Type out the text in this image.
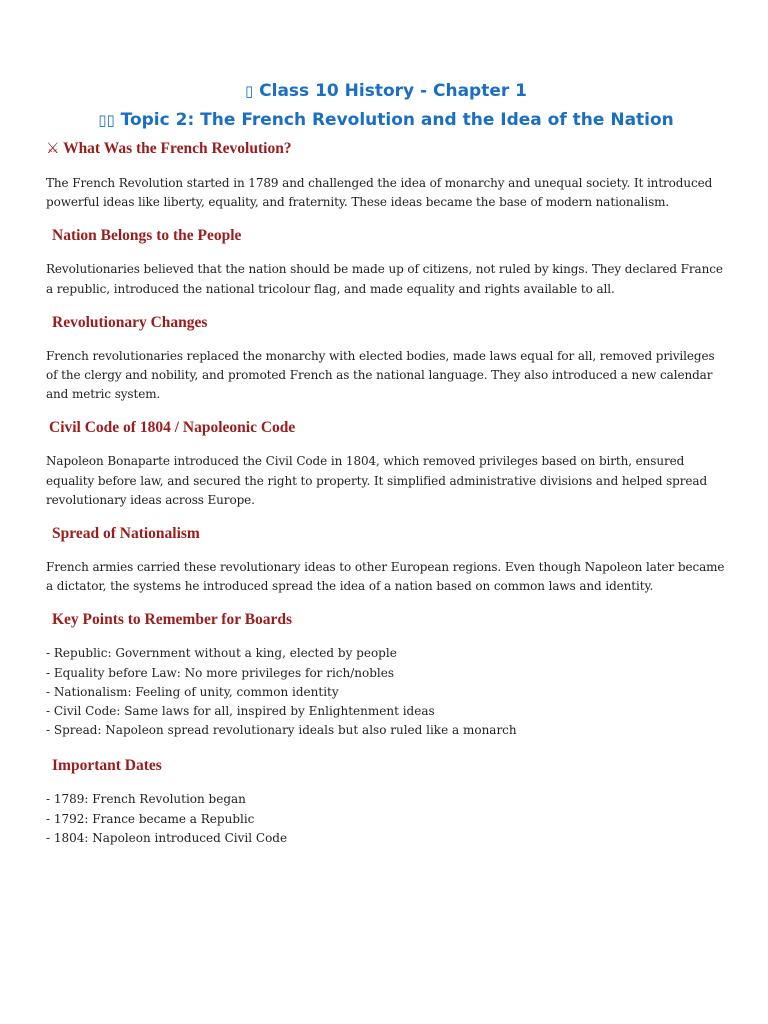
▯ Class 10 History - Chapter 1
▯▯ Topic 2: The French Revolution and the Idea of the Nation
⚔ What Was the French Revolution?

The French Revolution started in 1789 and challenged the idea of monarchy and unequal society. It introduced powerful ideas like liberty, equality, and fraternity. These ideas became the base of modern nationalism.

Nation Belongs to the People

Revolutionaries believed that the nation should be made up of citizens, not ruled by kings. They declared France a republic, introduced the national tricolour flag, and made equality and rights available to all.

Revolutionary Changes

French revolutionaries replaced the monarchy with elected bodies, made laws equal for all, removed privileges of the clergy and nobility, and promoted French as the national language. They also introduced a new calendar and metric system.

Civil Code of 1804 / Napoleonic Code

Napoleon Bonaparte introduced the Civil Code in 1804, which removed privileges based on birth, ensured equality before law, and secured the right to property. It simplified administrative divisions and helped spread revolutionary ideas across Europe.

Spread of Nationalism

French armies carried these revolutionary ideas to other European regions. Even though Napoleon later became a dictator, the systems he introduced spread the idea of a nation based on common laws and identity.

Key Points to Remember for Boards
- Republic: Government without a king, elected by people
- Equality before Law: No more privileges for rich/nobles
- Nationalism: Feeling of unity, common identity
- Civil Code: Same laws for all, inspired by Enlightenment ideas
- Spread: Napoleon spread revolutionary ideals but also ruled like a monarch
Important Dates
- 1789: French Revolution began
- 1792: France became a Republic
- 1804: Napoleon introduced Civil Code
